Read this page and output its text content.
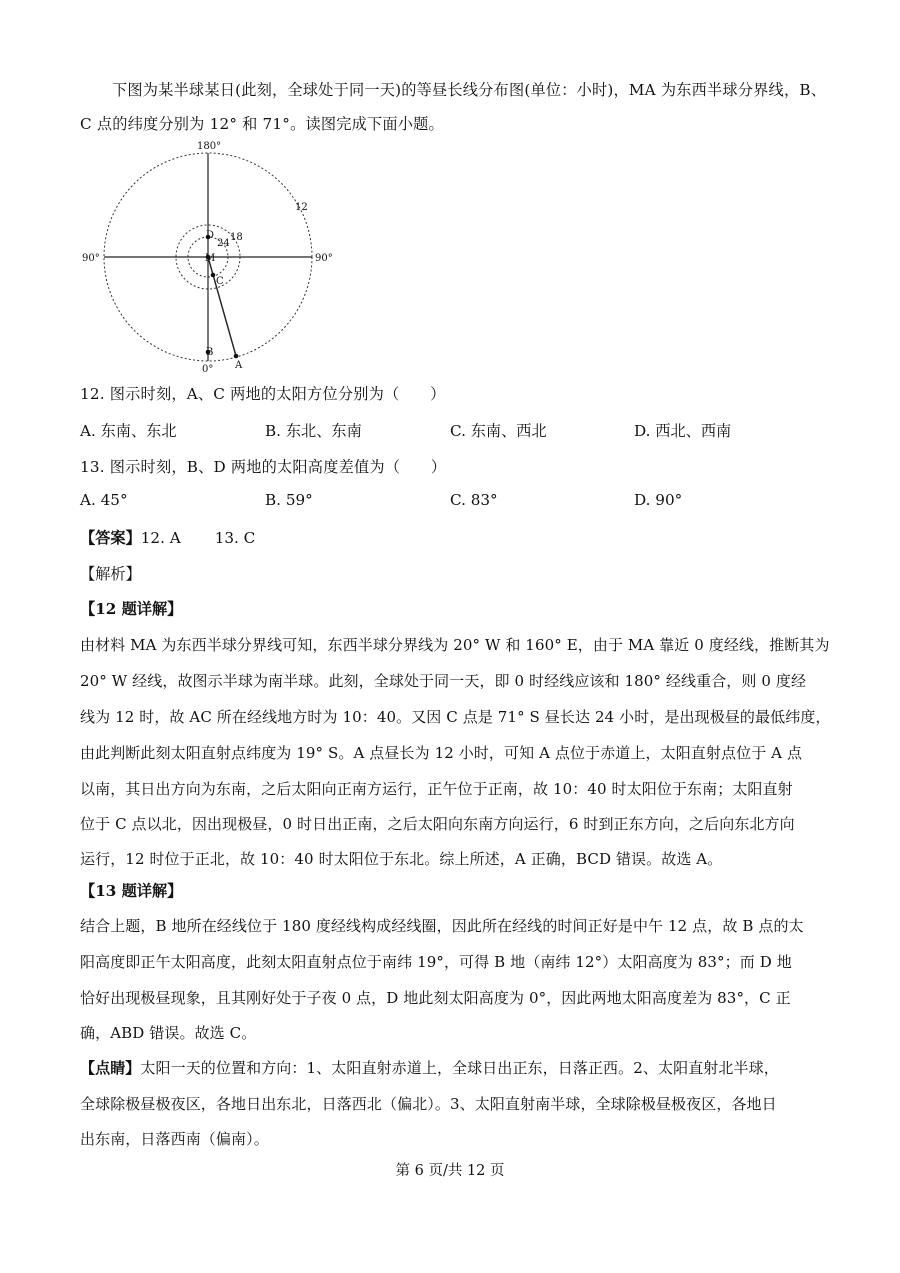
下图为某半球某日(此刻，全球处于同一天)的等昼长线分布图(单位：小时)，MA 为东西半球分界线，B、
C 点的纬度分别为 12° 和 71°。读图完成下面小题。
180°
0°
90°	90°
12
18
24
D
M
C
B
A
12. 图示时刻，A、C 两地的太阳方位分别为（　　）
A. 东南、东北	B. 东北、东南	C. 东南、西北	D. 西北、西南
13. 图示时刻，B、D 两地的太阳高度差值为（　　）
A. 45°	B. 59°	C. 83°	D. 90°
【答案】12. A 13. C
【解析】
【12 题详解】
由材料 MA 为东西半球分界线可知，东西半球分界线为 20° W 和 160° E，由于 MA 靠近 0 度经线，推断其为
20° W 经线，故图示半球为南半球。此刻，全球处于同一天，即 0 时经线应该和 180° 经线重合，则 0 度经
线为 12 时，故 AC 所在经线地方时为 10：40。又因 C 点是 71° S 昼长达 24 小时，是出现极昼的最低纬度，
由此判断此刻太阳直射点纬度为 19° S。A 点昼长为 12 小时，可知 A 点位于赤道上，太阳直射点位于 A 点
以南，其日出方向为东南，之后太阳向正南方运行，正午位于正南，故 10：40 时太阳位于东南；太阳直射
位于 C 点以北，因出现极昼，0 时日出正南，之后太阳向东南方向运行，6 时到正东方向，之后向东北方向
运行，12 时位于正北，故 10：40 时太阳位于东北。综上所述，A 正确，BCD 错误。故选 A。
【13 题详解】
结合上题，B 地所在经线位于 180 度经线构成经线圈，因此所在经线的时间正好是中午 12 点，故 B 点的太
阳高度即正午太阳高度，此刻太阳直射点位于南纬 19°，可得 B 地（南纬 12°）太阳高度为 83°；而 D 地
恰好出现极昼现象，且其刚好处于子夜 0 点，D 地此刻太阳高度为 0°，因此两地太阳高度差为 83°，C 正
确，ABD 错误。故选 C。
【点睛】太阳一天的位置和方向：1、太阳直射赤道上，全球日出正东，日落正西。2、太阳直射北半球，
全球除极昼极夜区，各地日出东北，日落西北（偏北）。3、太阳直射南半球，全球除极昼极夜区，各地日
出东南，日落西南（偏南）。
第 6 页/共 12 页
